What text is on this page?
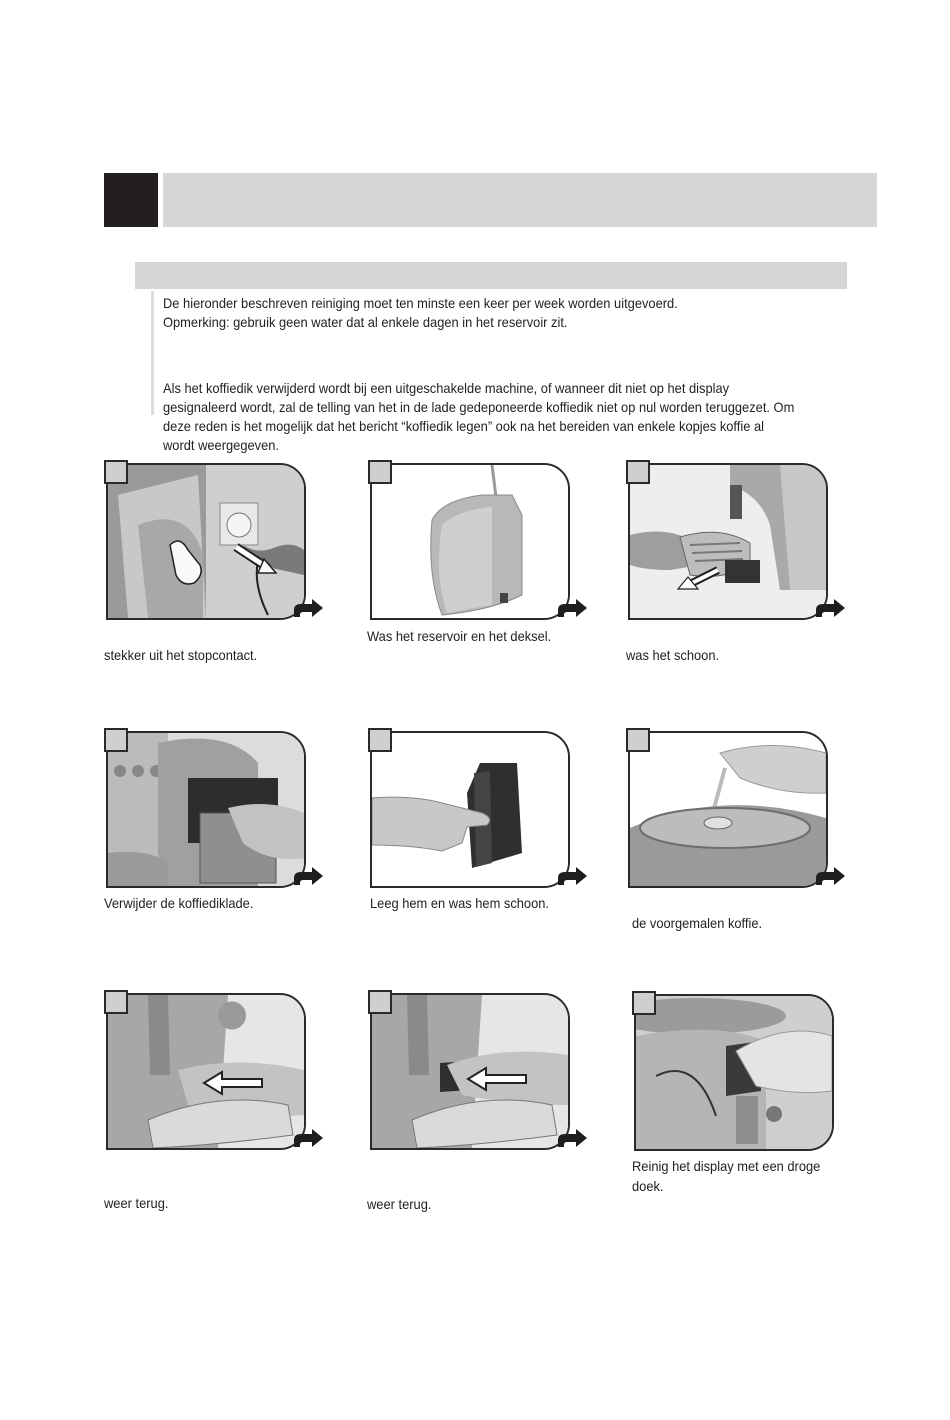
De hieronder beschreven reiniging moet ten minste een keer per week worden uitgevoerd.
Opmerking: gebruik geen water dat al enkele dagen in het reservoir zit.
Als het koffiedik verwijderd wordt bij een uitgeschakelde machine, of wanneer dit niet op het display
gesignaleerd wordt, zal de telling van het in de lade gedeponeerde koffiedik niet op nul worden teruggezet. Om
deze reden is het mogelijk dat het bericht “koffiedik legen” ook na het bereiden van enkele kopjes koffie al
wordt weergegeven.
stekker uit het stopcontact.
Was het reservoir en het deksel.
was het schoon.
Verwijder de koffiediklade.	Leeg hem en was hem schoon.
de voorgemalen koffie.
weer terug.	weer terug.
Reinig het display met een droge
doek.
